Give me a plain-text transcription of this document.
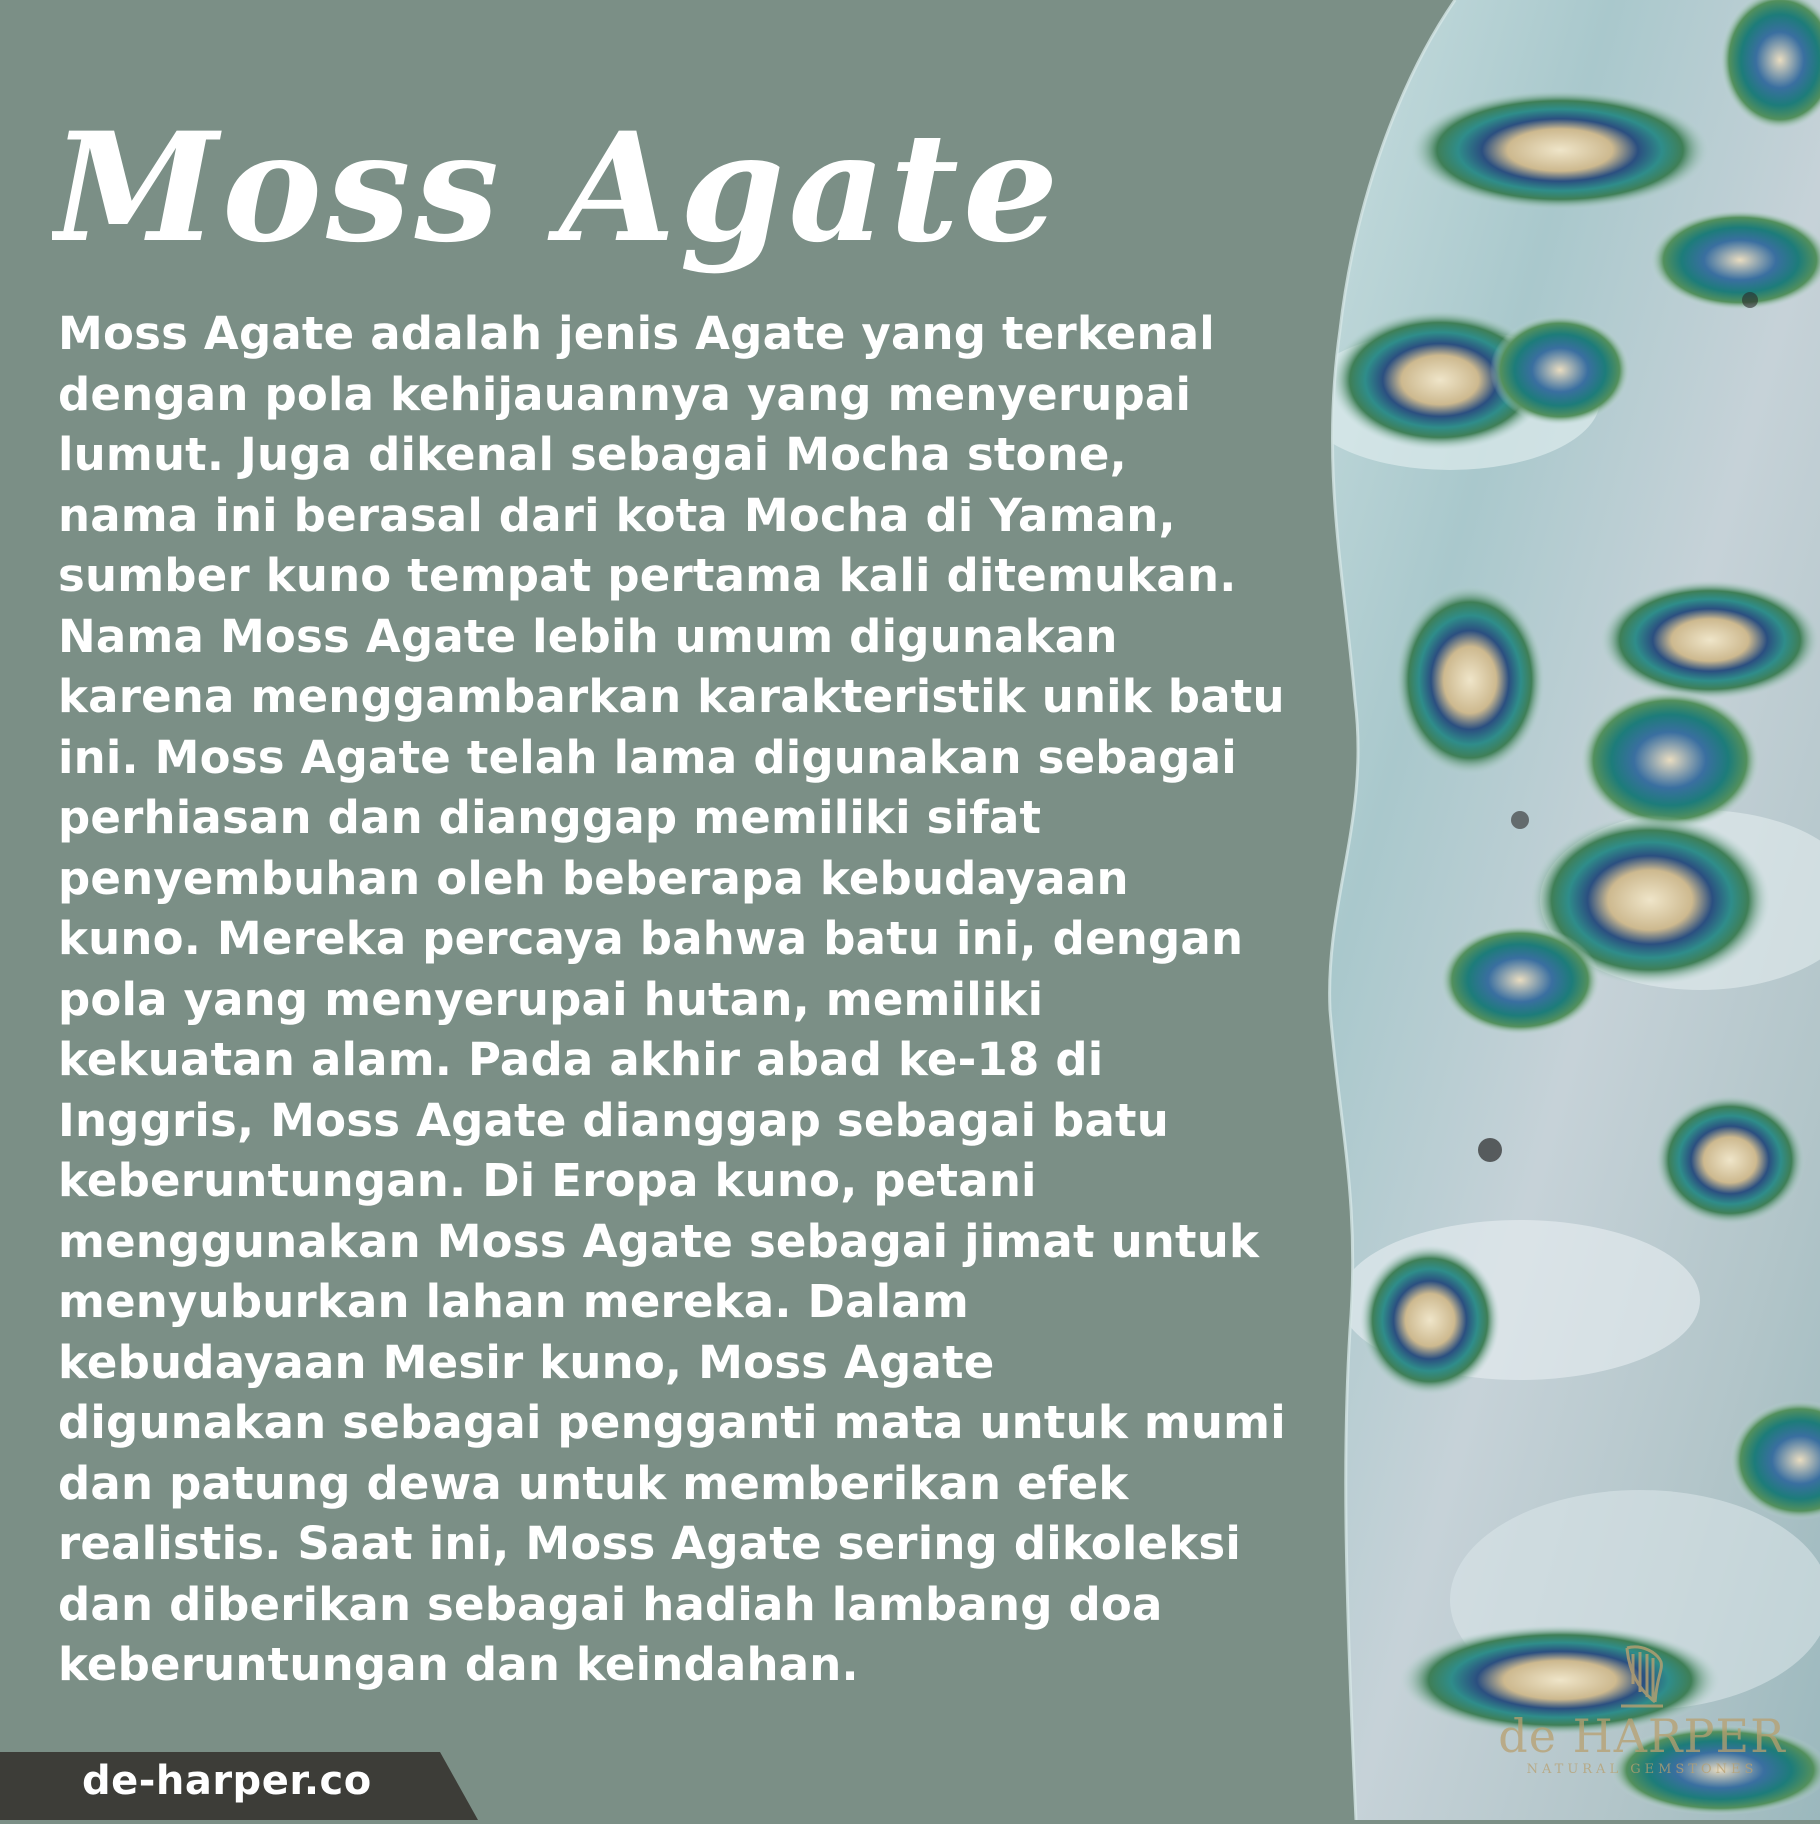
Moss Agate

Moss Agate adalah jenis Agate yang terkenal
dengan pola kehijauannya yang menyerupai
lumut. Juga dikenal sebagai Mocha stone,
nama ini berasal dari kota Mocha di Yaman,
sumber kuno tempat pertama kali ditemukan.
Nama Moss Agate lebih umum digunakan
karena menggambarkan karakteristik unik batu
ini. Moss Agate telah lama digunakan sebagai
perhiasan dan dianggap memiliki sifat
penyembuhan oleh beberapa kebudayaan
kuno. Mereka percaya bahwa batu ini, dengan
pola yang menyerupai hutan, memiliki
kekuatan alam. Pada akhir abad ke-18 di
Inggris, Moss Agate dianggap sebagai batu
keberuntungan. Di Eropa kuno, petani
menggunakan Moss Agate sebagai jimat untuk
menyuburkan lahan mereka. Dalam
kebudayaan Mesir kuno, Moss Agate
digunakan sebagai pengganti mata untuk mumi
dan patung dewa untuk memberikan efek
realistis. Saat ini, Moss Agate sering dikoleksi
dan diberikan sebagai hadiah lambang doa
keberuntungan dan keindahan.

de-harper.co
de HARPER
NATURAL GEMSTONES
